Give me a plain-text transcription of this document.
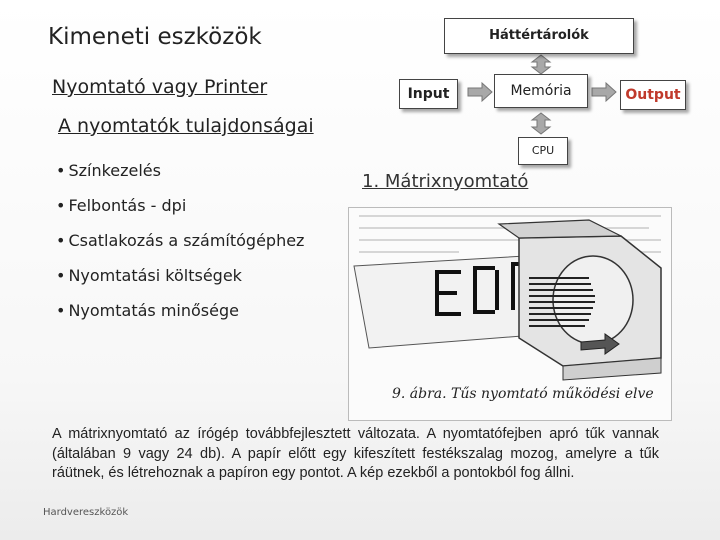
Kimeneti eszközök
Nyomtató vagy Printer
A nyomtatók tulajdonságai
• Színkezelés
• Felbontás - dpi
• Csatlakozás a számítógéphez
• Nyomtatási költségek
• Nyomtatás minősége
Háttértárolók
Input	Memória	Output
CPU
1. Mátrixnyomtató
9. ábra. Tűs nyomtató működési elve
A mátrixnyomtató az írógép továbbfejlesztett változata. A nyomtatófejben apró tűk vannak (általában 9 vagy 24 db). A papír előtt egy kifeszített festékszalag mozog, amelyre a tűk ráütnek, és létrehoznak a papíron egy pontot. A kép ezekből a pontokból fog állni.
Hardvereszközök
